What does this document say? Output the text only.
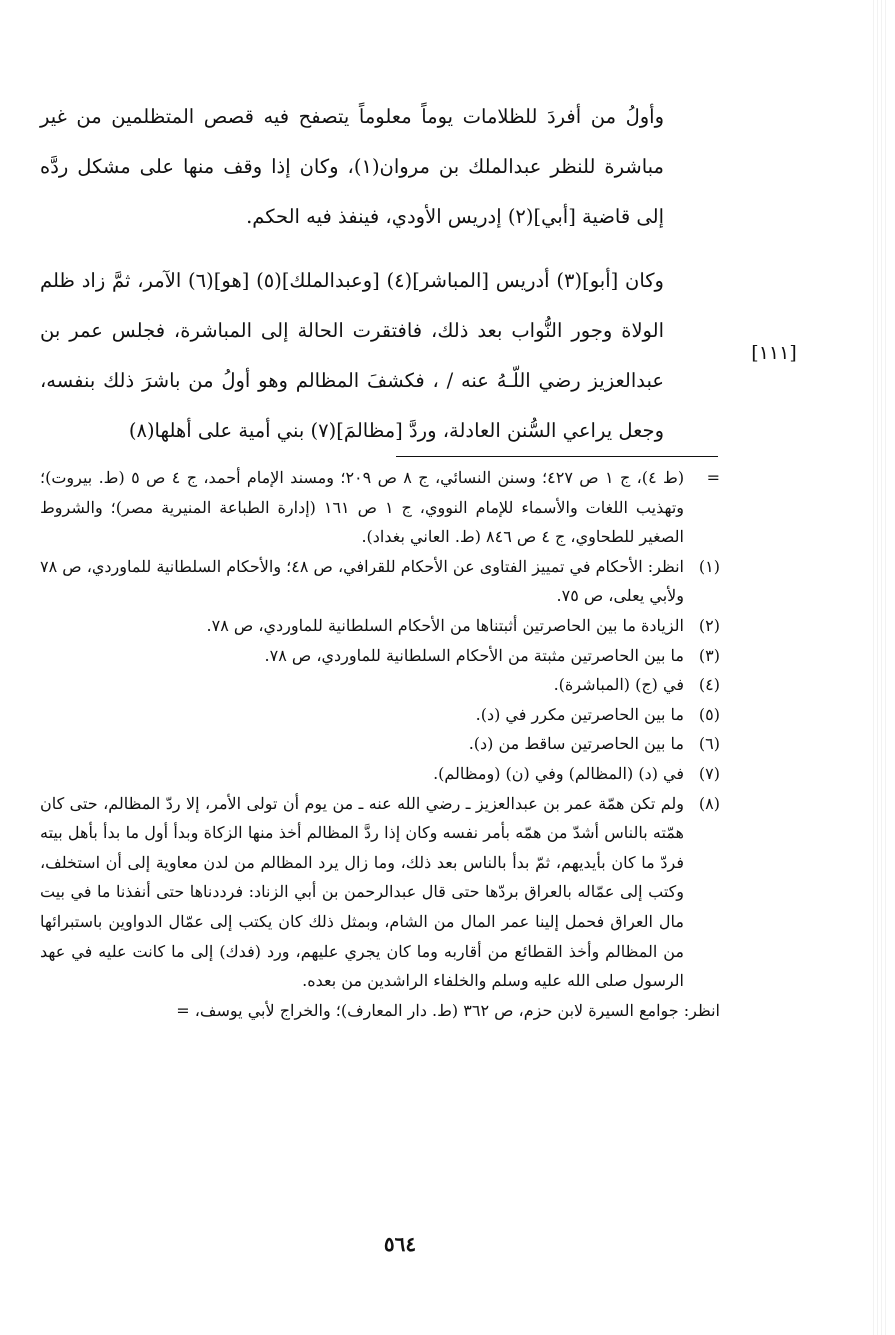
وأولُ من أفردَ للظلامات يوماً معلوماً يتصفح فيه قصص المتظلمين من غير مباشرة للنظر عبدالملك بن مروان(١)، وكان إذا وقف منها على مشكل ردَّه إلى قاضية [أبي](٢) إدريس الأودي، فينفذ فيه الحكم.

وكان [أبو](٣) أدريس [المباشر](٤) [وعبدالملك](٥) [هو](٦) الآمر، ثمَّ زاد ظلم الولاة وجور النُّواب بعد ذلك، فافتقرت الحالة إلى المباشرة، فجلس عمر بن عبدالعزيز رضي اللّـهُ عنه / ، فكشفَ المظالم وهو أولُ من باشرَ ذلك بنفسه، وجعل يراعي السُّنن العادلة، وردَّ [مظالمَ](٧) بني أمية على أهلها(٨)

[١١١]
=
(ط ٤)، ج ١ ص ٤٢٧؛ وسنن النسائي، ج ٨ ص ٢٠٩؛ ومسند الإمام أحمد، ج ٤ ص ٥ (ط. بيروت)؛ وتهذيب اللغات والأسماء للإمام النووي، ج ١ ص ١٦١ (إدارة الطباعة المنيرية مصر)؛ والشروط الصغير للطحاوي، ج ٤ ص ٨٤٦ (ط. العاني بغداد).
(١)
انظر: الأحكام في تمييز الفتاوى عن الأحكام للقرافي، ص ٤٨؛ والأحكام السلطانية للماوردي، ص ٧٨ ولأبي يعلى، ص ٧٥.
(٢)
الزيادة ما بين الحاصرتين أثبتناها من الأحكام السلطانية للماوردي، ص ٧٨.
(٣)
ما بين الحاصرتين مثبتة من الأحكام السلطانية للماوردي، ص ٧٨.
(٤)
في (ج) (المباشرة).
(٥)
ما بين الحاصرتين مكرر في (د).
(٦)
ما بين الحاصرتين ساقط من (د).
(٧)
في (د) (المظالم) وفي (ن) (ومظالم).
(٨)
ولم تكن همّة عمر بن عبدالعزيز ـ رضي الله عنه ـ من يوم أن تولى الأمر، إلا ردّ المظالم، حتى كان همّته بالناس أشدّ من همّه بأمر نفسه وكان إذا ردَّ المظالم أخذ منها الزكاة وبدأ أول ما بدأ بأهل بيته فردّ ما كان بأيديهم، ثمّ بدأ بالناس بعد ذلك، وما زال يرد المظالم من لدن معاوية إلى أن استخلف، وكتب إلى عمّاله بالعراق بردّها حتى قال عبدالرحمن بن أبي الزناد: فرددناها حتى أنفذنا ما في بيت مال العراق فحمل إلينا عمر المال من الشام، وبمثل ذلك كان يكتب إلى عمّال الدواوين باستبرائها من المظالم وأخذ القطائع من أقاربه وما كان يجري عليهم، ورد (فدك) إلى ما كانت عليه في عهد الرسول صلى الله عليه وسلم والخلفاء الراشدين من بعده.
انظر: جوامع السيرة لابن حزم، ص ٣٦٢ (ط. دار المعارف)؛ والخراج لأبي يوسف، =
٥٦٤
